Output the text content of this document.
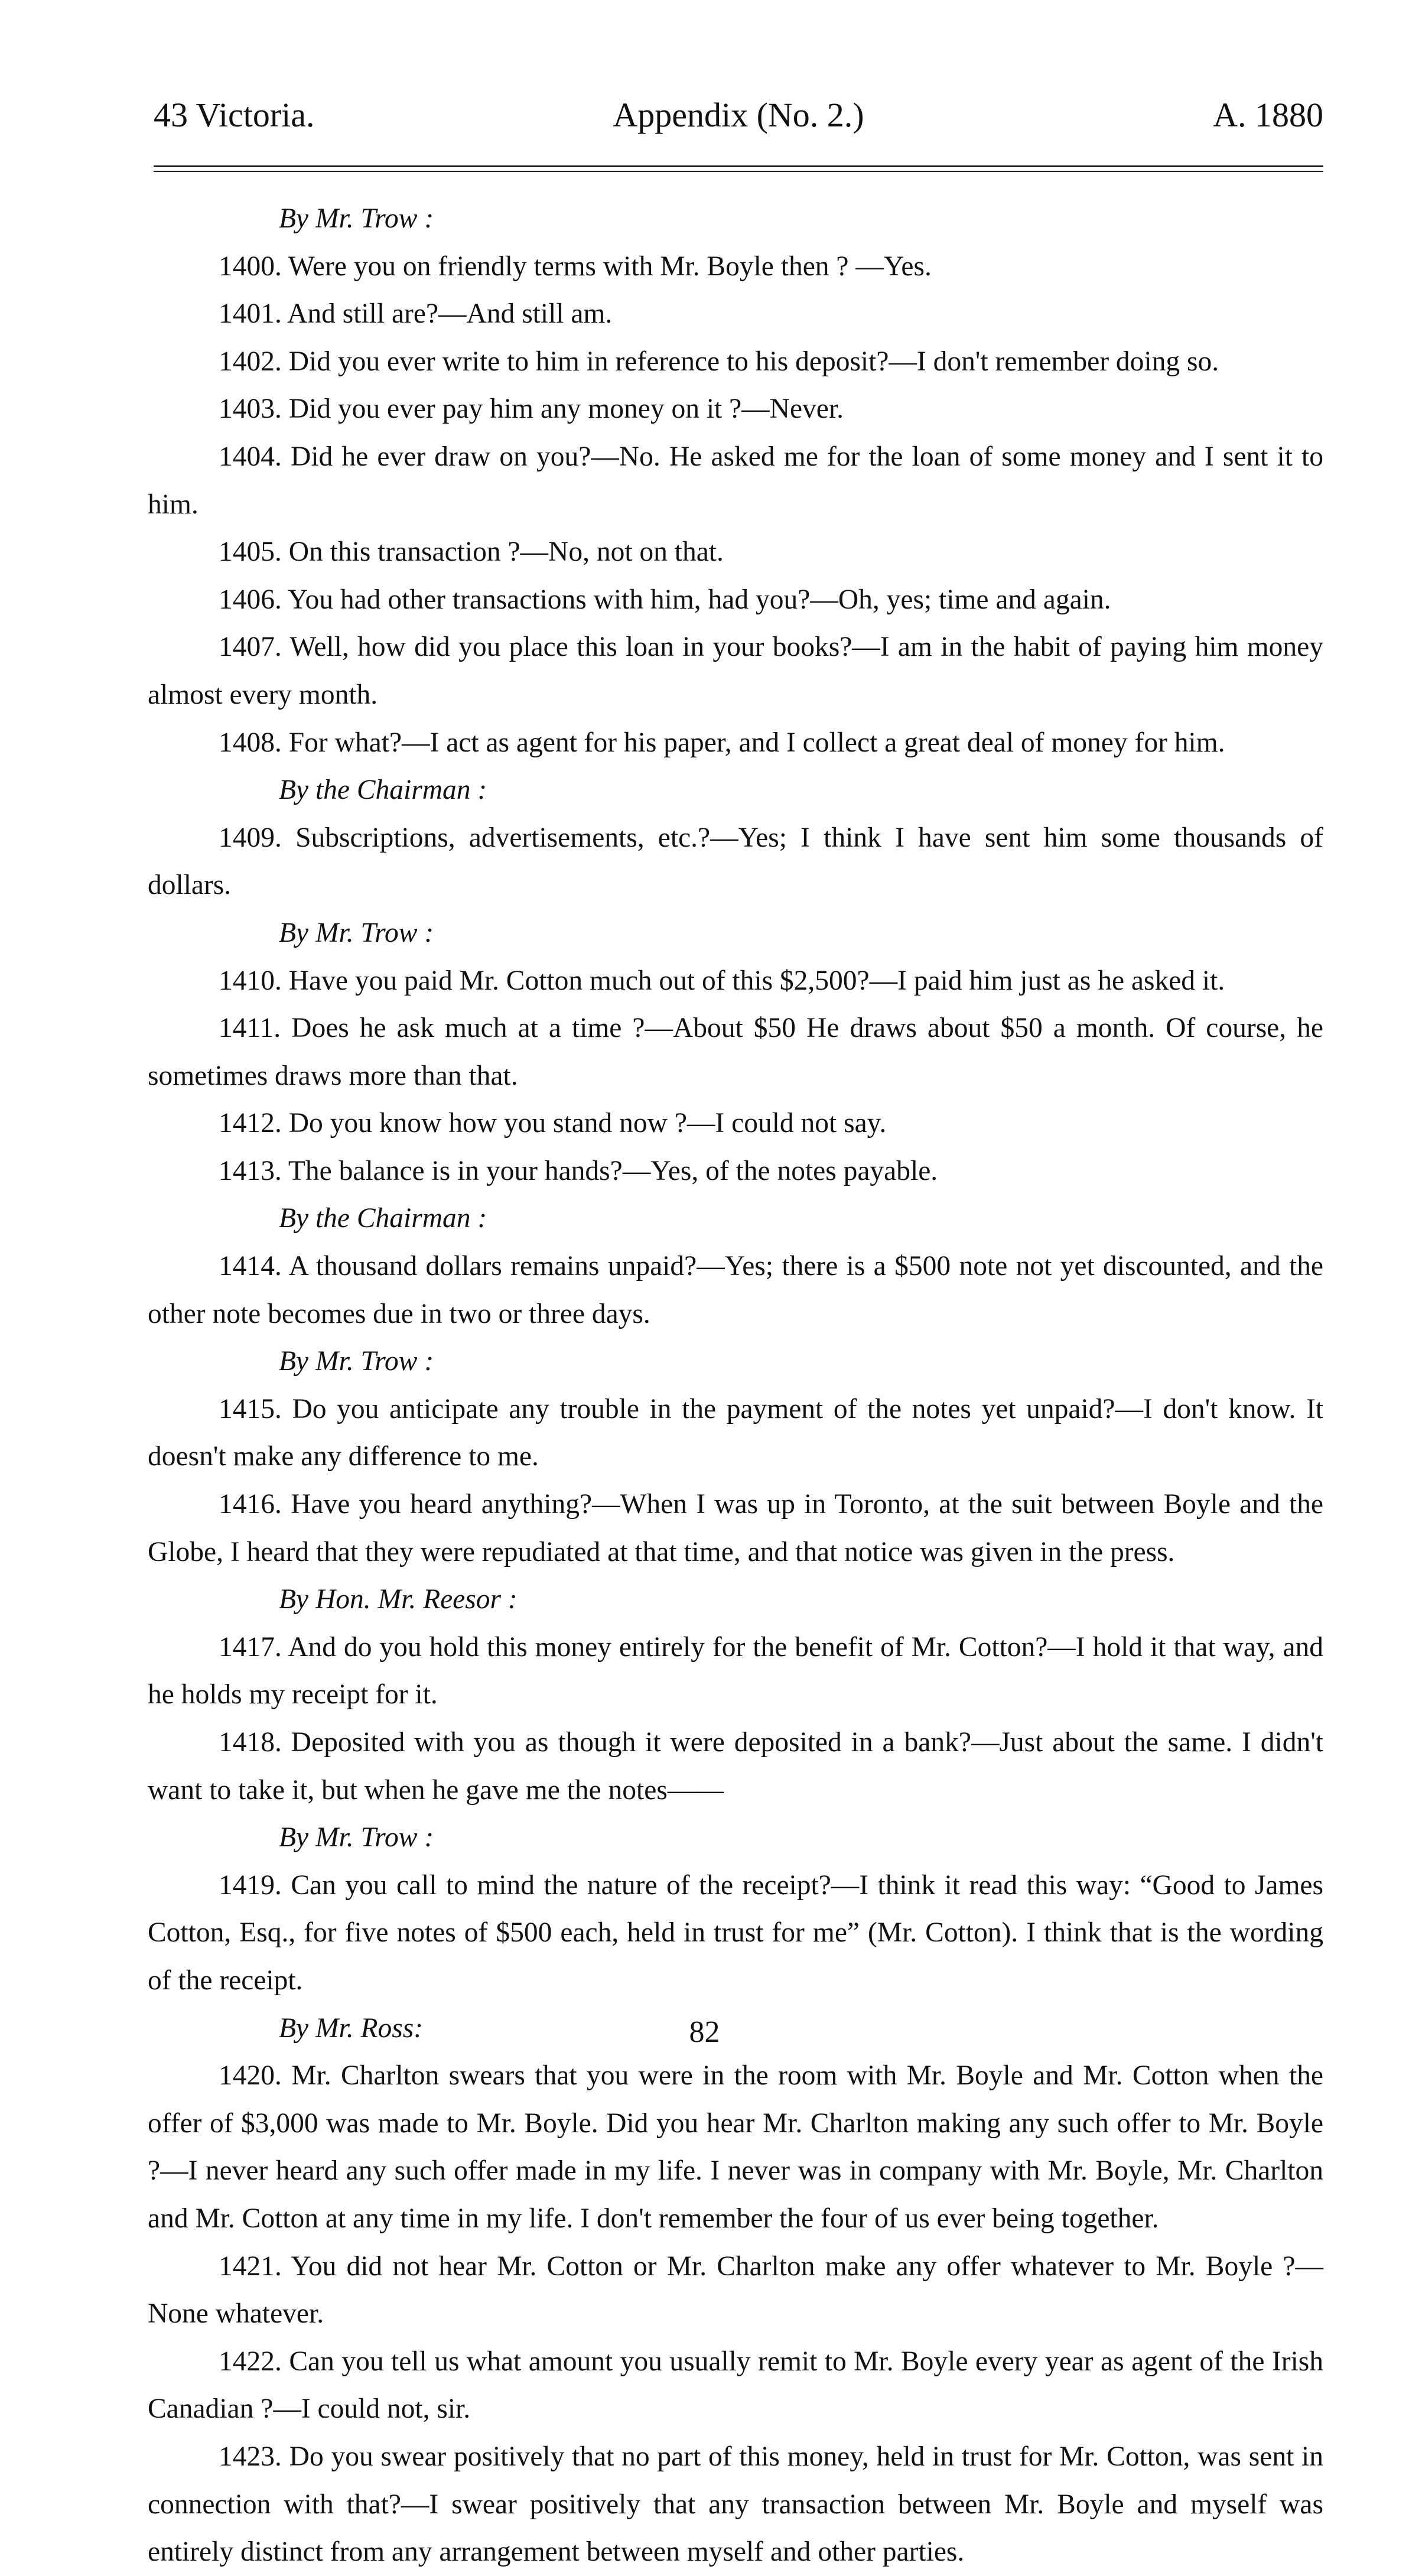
43 Victoria.	Appendix (No. 2.)	A. 1880

By Mr. Trow :

1400. Were you on friendly terms with Mr. Boyle then ? —Yes.

1401. And still are?—And still am.

1402. Did you ever write to him in reference to his deposit?—I don't remember doing so.

1403. Did you ever pay him any money on it ?—Never.

1404. Did he ever draw on you?—No. He asked me for the loan of some money and I sent it to him.

1405. On this transaction ?—No, not on that.

1406. You had other transactions with him, had you?—Oh, yes; time and again.

1407. Well, how did you place this loan in your books?—I am in the habit of paying him money almost every month.

1408. For what?—I act as agent for his paper, and I collect a great deal of money for him.

By the Chairman :

1409. Subscriptions, advertisements, etc.?—Yes; I think I have sent him some thousands of dollars.

By Mr. Trow :

1410. Have you paid Mr. Cotton much out of this $2,500?—I paid him just as he asked it.

1411. Does he ask much at a time ?—About $50 He draws about $50 a month. Of course, he sometimes draws more than that.

1412. Do you know how you stand now ?—I could not say.

1413. The balance is in your hands?—Yes, of the notes payable.

By the Chairman :

1414. A thousand dollars remains unpaid?—Yes; there is a $500 note not yet discounted, and the other note becomes due in two or three days.

By Mr. Trow :

1415. Do you anticipate any trouble in the payment of the notes yet unpaid?—I don't know. It doesn't make any difference to me.

1416. Have you heard anything?—When I was up in Toronto, at the suit between Boyle and the Globe, I heard that they were repudiated at that time, and that notice was given in the press.

By Hon. Mr. Reesor :

1417. And do you hold this money entirely for the benefit of Mr. Cotton?—I hold it that way, and he holds my receipt for it.

1418. Deposited with you as though it were deposited in a bank?—Just about the same. I didn't want to take it, but when he gave me the notes——

By Mr. Trow :

1419. Can you call to mind the nature of the receipt?—I think it read this way: “Good to James Cotton, Esq., for five notes of $500 each, held in trust for me” (Mr. Cotton). I think that is the wording of the receipt.

By Mr. Ross:

1420. Mr. Charlton swears that you were in the room with Mr. Boyle and Mr. Cotton when the offer of $3,000 was made to Mr. Boyle. Did you hear Mr. Charlton making any such offer to Mr. Boyle ?—I never heard any such offer made in my life. I never was in company with Mr. Boyle, Mr. Charlton and Mr. Cotton at any time in my life. I don't remember the four of us ever being together.

1421. You did not hear Mr. Cotton or Mr. Charlton make any offer whatever to Mr. Boyle ?—None whatever.

1422. Can you tell us what amount you usually remit to Mr. Boyle every year as agent of the Irish Canadian ?—I could not, sir.

1423. Do you swear positively that no part of this money, held in trust for Mr. Cotton, was sent in connection with that?—I swear positively that any transaction between Mr. Boyle and myself was entirely distinct from any arrangement between myself and other parties.

82
